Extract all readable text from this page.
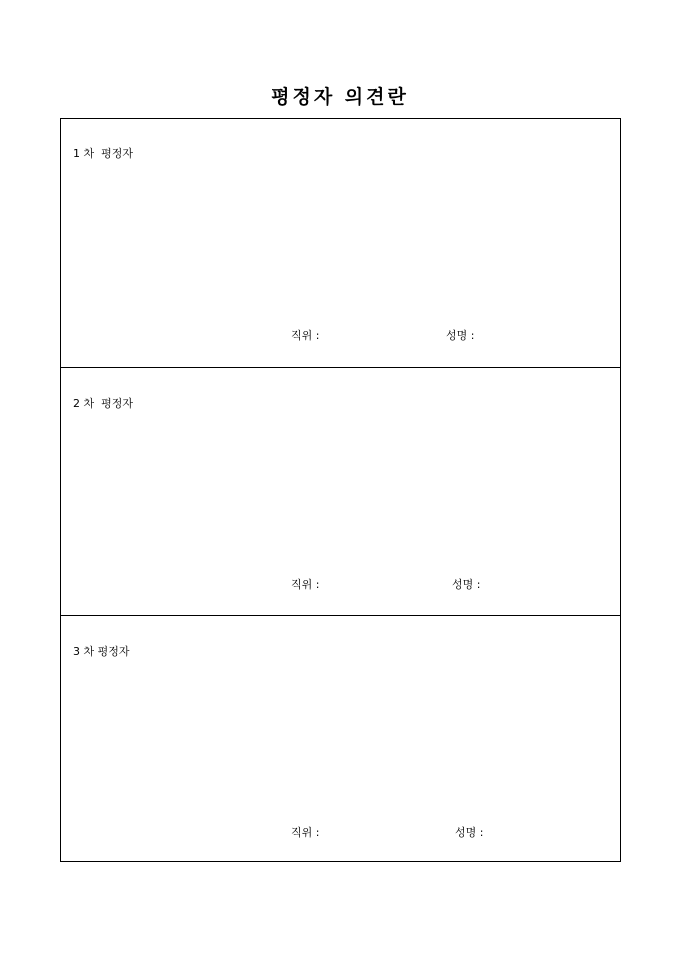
평정자 의견란
1 차  평정자
직위 :	성명 :
2 차  평정자
직위 :	성명 :
3 차 평정자
직위 :	성명 :
